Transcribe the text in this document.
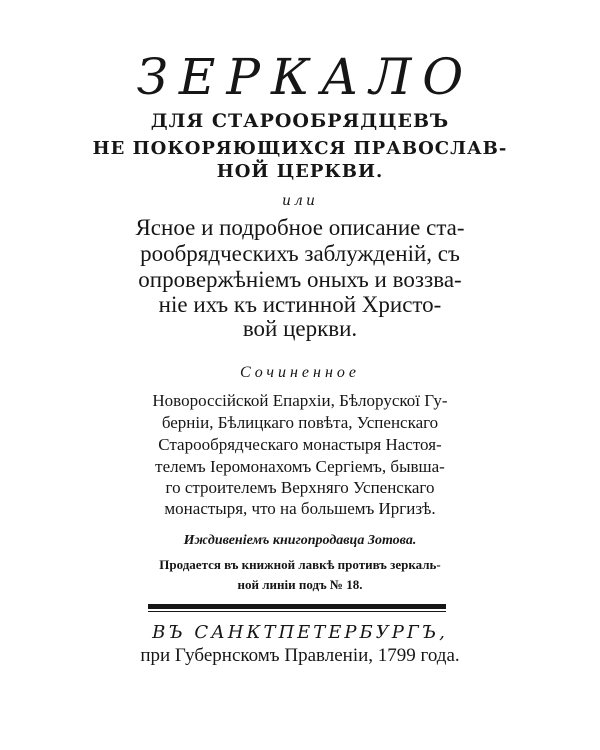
ЗЕРКАЛО
ДЛЯ СТАРООБРЯДЦЕВЪ
НЕ ПОКОРЯЮЩИХСЯ ПРАВОСЛАВ-
НОЙ ЦЕРКВИ.
или
Ясное и подробное описание ста-
рообрядческихъ заблужденій, съ
опровержѣніемъ оныхъ и воззва-
ніе ихъ къ истинной Христо-
вой церкви.
Сочиненное
Новороссійской Епархіи, Бѣлорускої Гу-
берніи, Бѣлицкаго повѣта, Успенскаго
Старообрядческаго монастыря Настоя-
телемъ Іеромонахомъ Сергіемъ, бывша-
го строителемъ Верхняго Успенскаго
монастыря, что на большемъ Иргизѣ.
Иждивеніемъ книгопродавца Зотова.
Продается въ книжной лавкѣ противъ зеркаль-
ной линіи подъ № 18.
ВЪ САНКТПЕТЕРБУРГЪ,
при Губернскомъ Правленіи, 1799 года.
